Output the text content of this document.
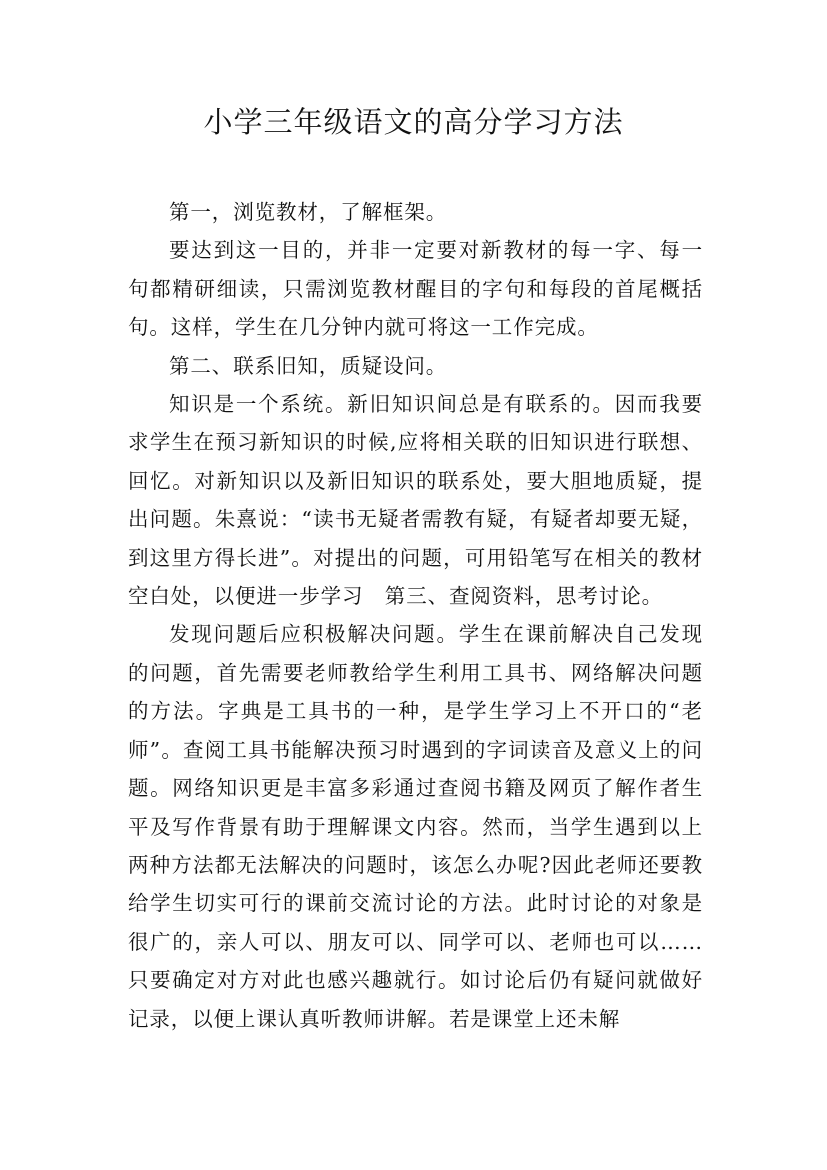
小学三年级语文的高分学习方法

第一，浏览教材，了解框架。

要达到这一目的，并非一定要对新教材的每一字、每一句都精研细读，只需浏览教材醒目的字句和每段的首尾概括句。这样，学生在几分钟内就可将这一工作完成。

第二、联系旧知，质疑设问。

知识是一个系统。新旧知识间总是有联系的。因而我要求学生在预习新知识的时候,应将相关联的旧知识进行联想、回忆。对新知识以及新旧知识的联系处，要大胆地质疑，提出问题。朱熹说：“读书无疑者需教有疑，有疑者却要无疑，到这里方得长进”。对提出的问题，可用铅笔写在相关的教材空白处，以便进一步学习　第三、查阅资料，思考讨论。

发现问题后应积极解决问题。学生在课前解决自己发现的问题，首先需要老师教给学生利用工具书、网络解决问题的方法。字典是工具书的一种，是学生学习上不开口的“老师”。查阅工具书能解决预习时遇到的字词读音及意义上的问题。网络知识更是丰富多彩通过查阅书籍及网页了解作者生平及写作背景有助于理解课文内容。然而，当学生遇到以上两种方法都无法解决的问题时，该怎么办呢?因此老师还要教给学生切实可行的课前交流讨论的方法。此时讨论的对象是很广的，亲人可以、朋友可以、同学可以、老师也可以……只要确定对方对此也感兴趣就行。如讨论后仍有疑问就做好记录，以便上课认真听教师讲解。若是课堂上还未解
